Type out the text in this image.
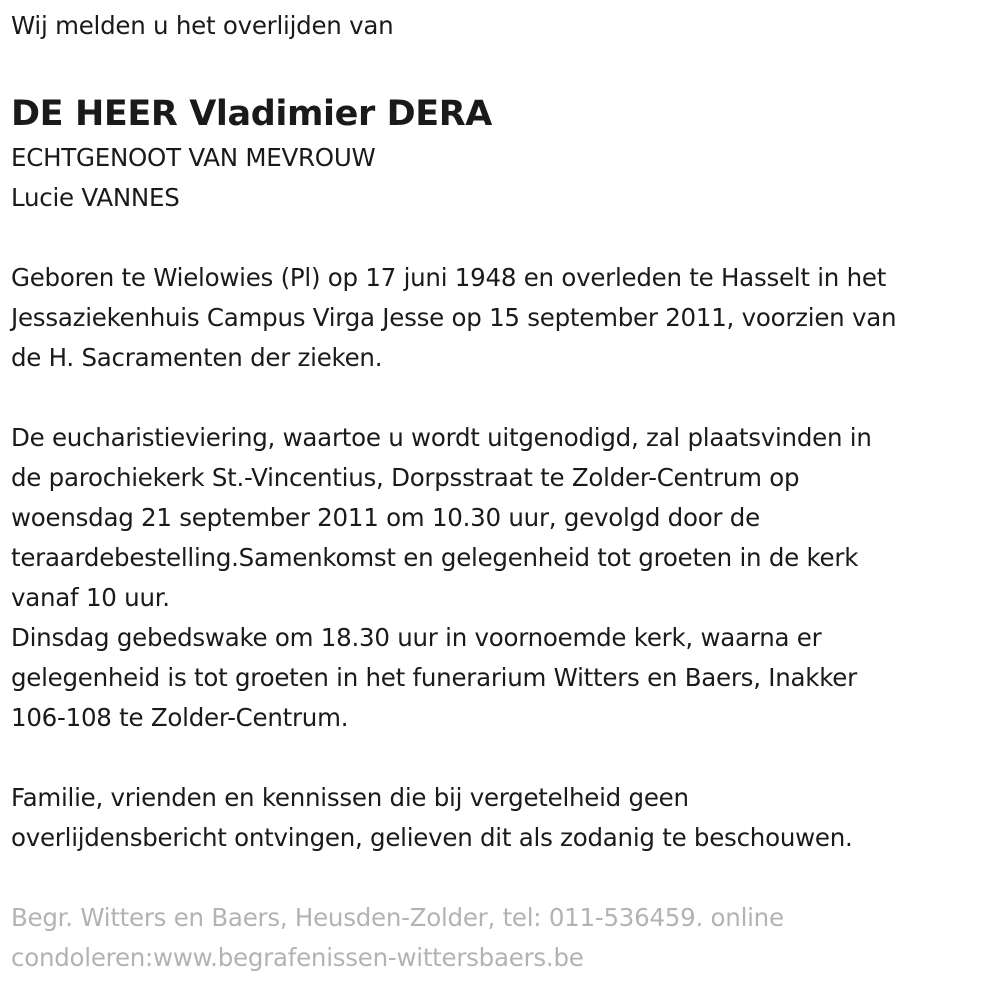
Wij melden u het overlijden van
DE HEER Vladimier DERA
ECHTGENOOT VAN MEVROUW
Lucie VANNES
Geboren te Wielowies (Pl) op 17 juni 1948 en overleden te Hasselt in het
Jessaziekenhuis Campus Virga Jesse op 15 september 2011, voorzien van
de H. Sacramenten der zieken.
De eucharistieviering, waartoe u wordt uitgenodigd, zal plaatsvinden in
de parochiekerk St.-Vincentius, Dorpsstraat te Zolder-Centrum op
woensdag 21 september 2011 om 10.30 uur, gevolgd door de
teraardebestelling.Samenkomst en gelegenheid tot groeten in de kerk
vanaf 10 uur.
Dinsdag gebedswake om 18.30 uur in voornoemde kerk, waarna er
gelegenheid is tot groeten in het funerarium Witters en Baers, Inakker
106-108 te Zolder-Centrum.
Familie, vrienden en kennissen die bij vergetelheid geen
overlijdensbericht ontvingen, gelieven dit als zodanig te beschouwen.
Begr. Witters en Baers, Heusden-Zolder, tel: 011-536459. online
condoleren:www.begrafenissen-wittersbaers.be
